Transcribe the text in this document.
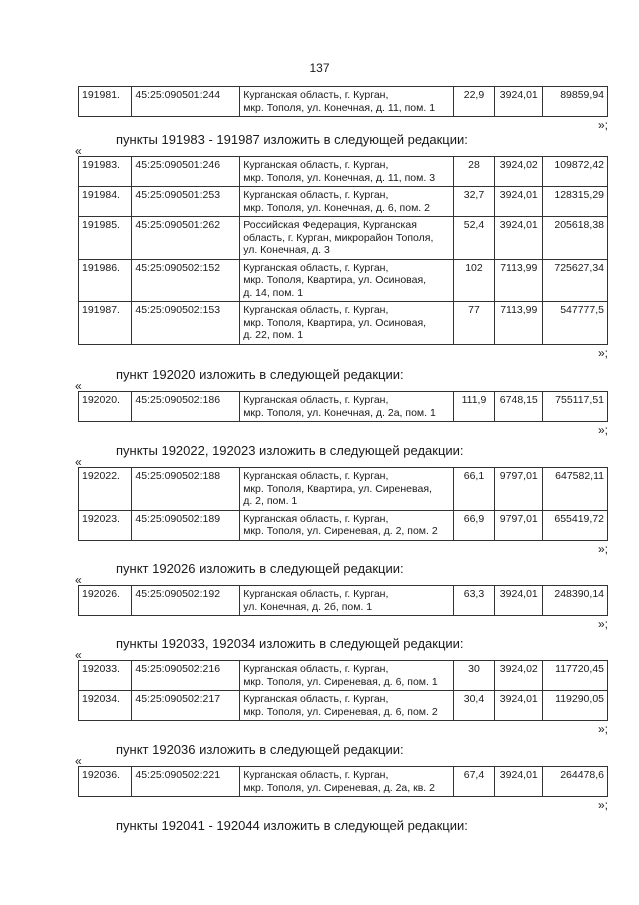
137
191981.	45:25:090501:244	Курганская область, г. Курган,
мкр. Тополя, ул. Конечная, д. 11, пом. 1
	22,9	3924,01	89859,94
»;
пункты 191983 - 191987 изложить в следующей редакции:
«
191983.	45:25:090501:246	Курганская область, г. Курган,
мкр. Тополя, ул. Конечная, д. 11, пом. 3	28	3924,02	109872,42
191984.	45:25:090501:253	Курганская область, г. Курган,
мкр. Тополя, ул. Конечная, д. 6, пом. 2	32,7	3924,01	128315,29
191985.	45:25:090501:262	Российская Федерация, Курганская
область, г. Курган, микрорайон Тополя,
ул. Конечная, д. 3	52,4	3924,01	205618,38
191986.	45:25:090502:152	Курганская область, г. Курган,
мкр. Тополя, Квартира, ул. Осиновая,
д. 14, пом. 1	102	7113,99	725627,34
191987.	45:25:090502:153	Курганская область, г. Курган,
мкр. Тополя, Квартира, ул. Осиновая,
д. 22, пом. 1	77	7113,99	547777,5
»;
пункт 192020 изложить в следующей редакции:
«
192020.	45:25:090502:186	Курганская область, г. Курган,
мкр. Тополя, ул. Конечная, д. 2а, пом. 1
	111,9	6748,15	755117,51
»;
пункты 192022, 192023 изложить в следующей редакции:
«
192022.	45:25:090502:188	Курганская область, г. Курган,
мкр. Тополя, Квартира, ул. Сиреневая,
д. 2, пом. 1	66,1	9797,01	647582,11
192023.	45:25:090502:189	Курганская область, г. Курган,
мкр. Тополя, ул. Сиреневая, д. 2, пом. 2	66,9	9797,01	655419,72
»;
пункт 192026 изложить в следующей редакции:
«
192026.	45:25:090502:192	Курганская область, г. Курган,
ул. Конечная, д. 2б, пом. 1
	63,3	3924,01	248390,14
»;
пункты 192033, 192034 изложить в следующей редакции:
«
192033.	45:25:090502:216	Курганская область, г. Курган,
мкр. Тополя, ул. Сиреневая, д. 6, пом. 1	30	3924,02	117720,45
192034.	45:25:090502:217	Курганская область, г. Курган,
мкр. Тополя, ул. Сиреневая, д. 6, пом. 2	30,4	3924,01	119290,05
»;
пункт 192036 изложить в следующей редакции:
«
192036.	45:25:090502:221	Курганская область, г. Курган,
мкр. Тополя, ул. Сиреневая, д. 2а, кв. 2
	67,4	3924,01	264478,6
»;
пункты 192041 - 192044 изложить в следующей редакции:
